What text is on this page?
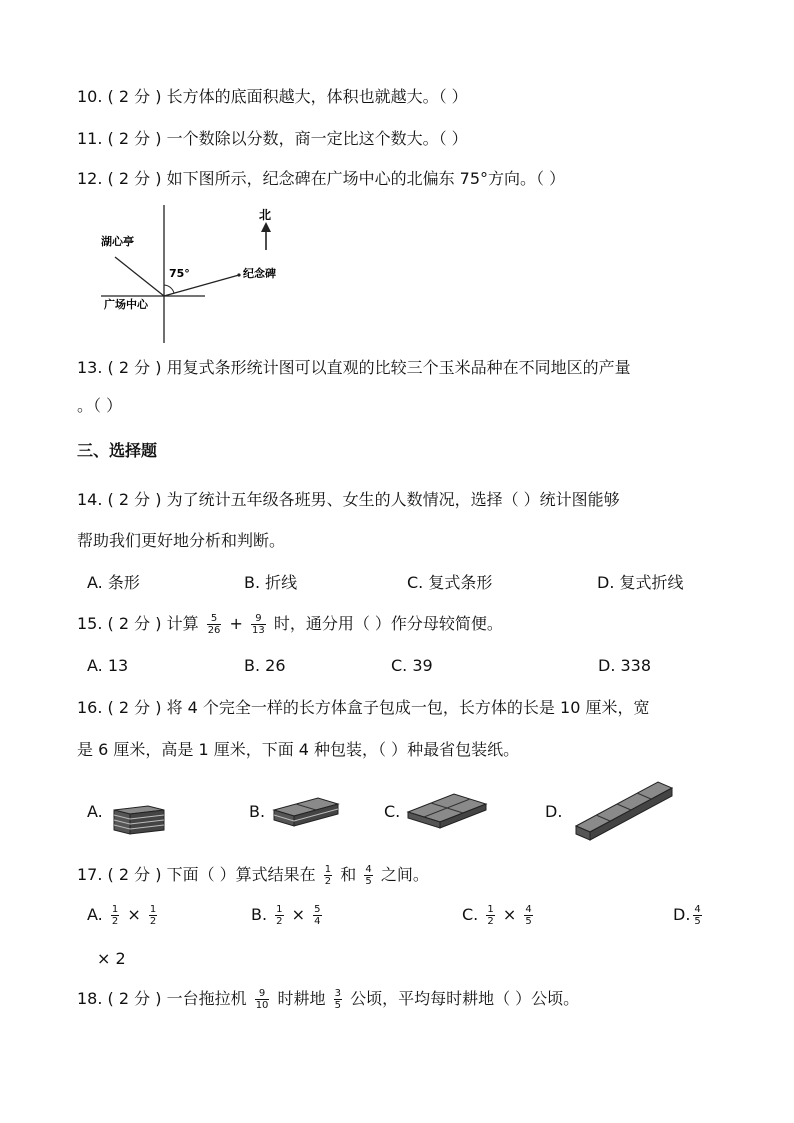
10. ( 2 分 ) 长方体的底面积越大，体积也就越大。（ ）
11. ( 2 分 ) 一个数除以分数，商一定比这个数大。（ ）
12. ( 2 分 ) 如下图所示，纪念碑在广场中心的北偏东 75°方向。（ ）
北
湖心亭
75°	纪念碑
广场中心
13. ( 2 分 ) 用复式条形统计图可以直观的比较三个玉米品种在不同地区的产量
。（ ）
三、选择题
14. ( 2 分 ) 为了统计五年级各班男、女生的人数情况，选择（ ）统计图能够
帮助我们更好地分析和判断。
A. 条形	B. 折线	C. 复式条形	D. 复式折线
15. ( 2 分 ) 计算 $\frac{5}{26} + \frac{9}{13}$ 时，通分用（ ）作分母较简便。
A. 13	B. 26	C. 39	D. 338
16. ( 2 分 ) 将 4 个完全一样的长方体盒子包成一包，长方体的长是 10 厘米，宽
是 6 厘米，高是 1 厘米，下面 4 种包装，（ ）种最省包装纸。
A.	B.	C.	D.
17. ( 2 分 ) 下面（ ）算式结果在 $\frac{1}{2}$ 和 $\frac{4}{5}$ 之间。
A. $\frac{1}{2} \times \frac{1}{2}$	B. $\frac{1}{2} \times \frac{5}{4}$	C. $\frac{1}{2} \times \frac{4}{5}$	D. $\frac{4}{5}$
× 2
18. ( 2 分 ) 一台拖拉机 $\frac{9}{10}$ 时耕地 $\frac{3}{5}$ 公顷，平均每时耕地（ ）公顷。
